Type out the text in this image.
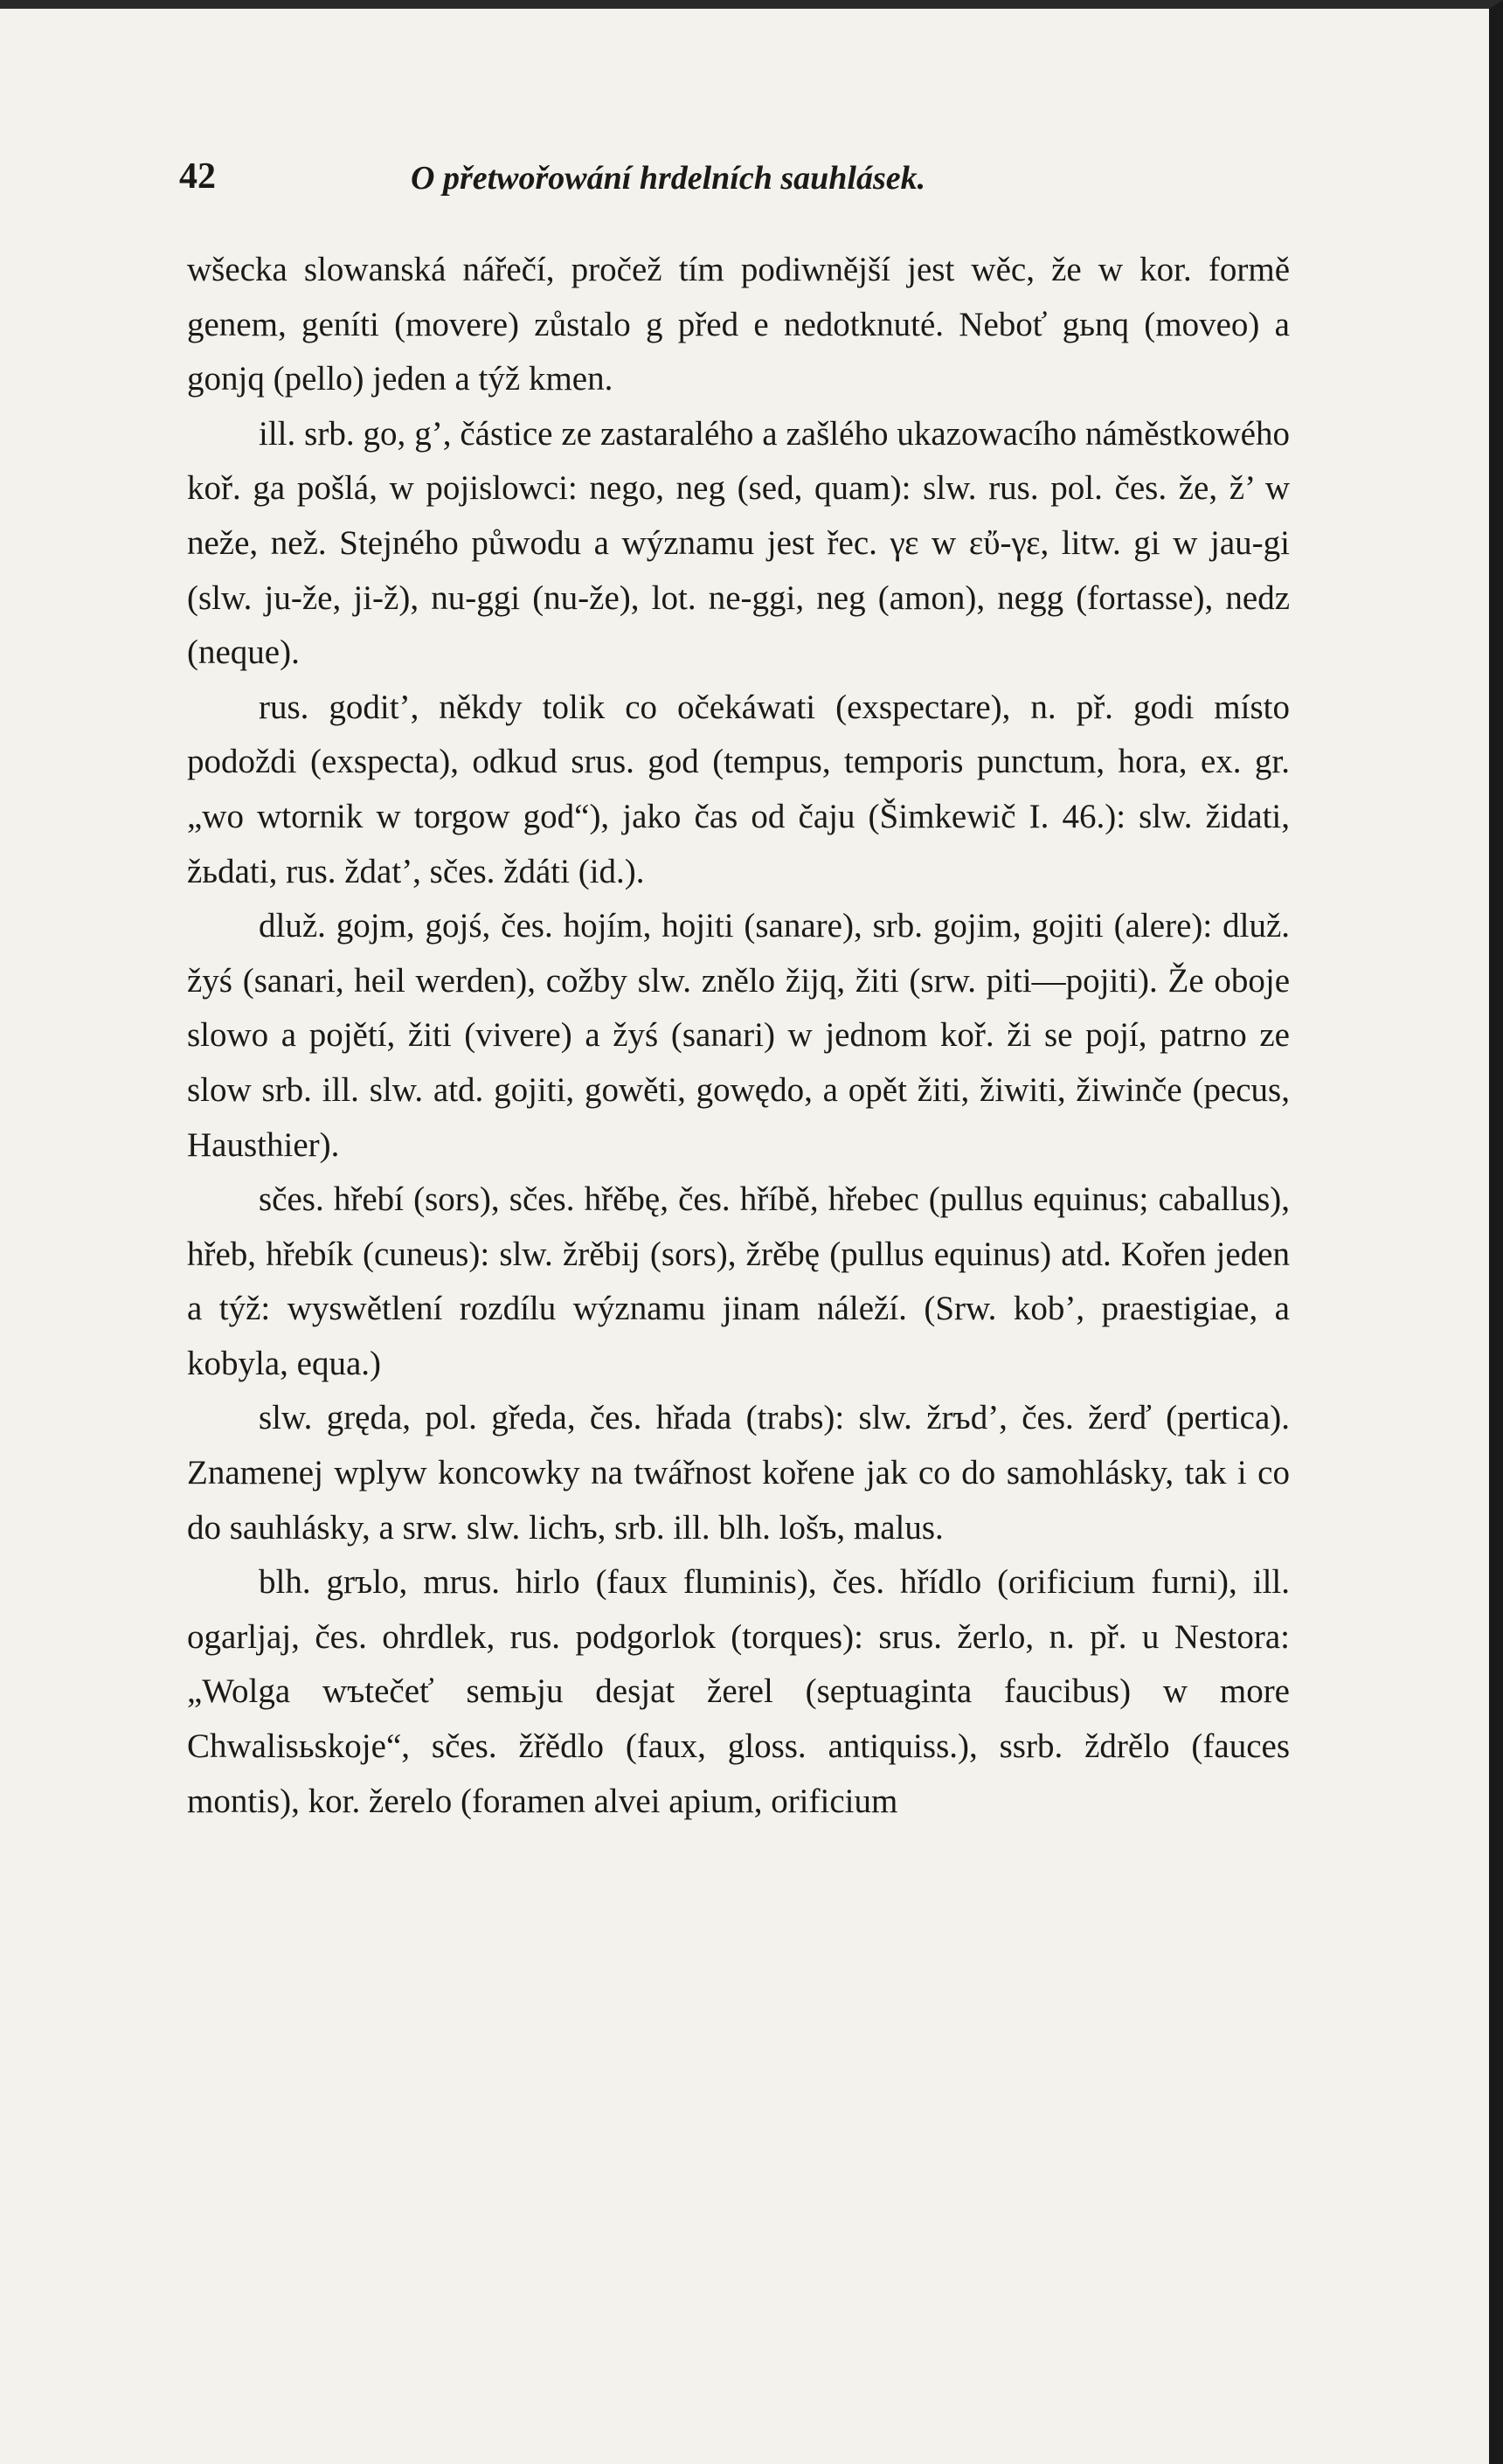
42	O přetwořowání hrdelních sauhlásek.

wšecka slowanská nářečí, pročež tím podiwnější jest wěc, že w kor. formě genem, geníti (movere) zůstalo g před e nedotknuté. Neboť gьnq (moveo) a gonjq (pello) jeden a týž kmen.

ill. srb. go, g’, částice ze zastaralého a zašlého ukazowacího náměstkowého koř. ga pošlá, w pojislowci: nego, neg (sed, quam): slw. rus. pol. čes. že, ž’ w nežе, než. Stejného půwodu a wýznamu jest řec. γε w εὔ-γε, litw. gi w jau-gi (slw. ju-že, ji-ž), nu-ggi (nu-že), lot. ne-ggi, neg (amon), negg (fortasse), nedz (neque).

rus. goditʼ, někdy tolik co očekáwati (exspectare), n. př. godi místo podoždi (exspecta), odkud srus. god (tempus, temporis punctum, hora, ex. gr. „wo wtornik w torgow god“), jako čas od čaju (Šimkewič I. 46.): slw. židati, žьdati, rus. ždatʼ, sčes. ždáti (id.).

dluž. gojm, gojś, čes. hojím, hojiti (sanare), srb. gojim, gojiti (alere): dluž. žyś (sanari, heil werden), cožby slw. znělo žijq, žiti (srw. piti—pojiti). Že oboje slowo a pojětí, žiti (vivere) a žyś (sanari) w jednom koř. ži se pojí, patrno ze slow srb. ill. slw. atd. gojiti, gowěti, gowędo, a opět žiti, žiwiti, žiwinče (pecus, Hausthier).

sčes. hřebí (sors), sčes. hřěbę, čes. hříbě, hřebec (pullus equinus; caballus), hřeb, hřebík (cuneus): slw. žrěbij (sors), žrěbę (pullus equinus) atd. Kořen jeden a týž: wyswětlení rozdílu wýznamu jinam náleží. (Srw. kobʼ, praestigiae, a kobyla, equa.)

slw. gręda, pol. gředa, čes. hřada (trabs): slw. žrъdʼ, čes. žerď (pertica). Znamenej wplyw koncowky na twářnost kořene jak co do samohlásky, tak i co do sauhlásky, a srw. slw. lichъ, srb. ill. blh. lošъ, malus.

blh. grъlo, mrus. hirlo (faux fluminis), čes. hřídlo (orificium furni), ill. ogarljaj, čes. ohrdlek, rus. podgorlok (torques): srus. žerlo, n. př. u Nestora: „Wolga wъtečeť semьju desjat žerel (septuaginta faucibus) w more Chwalisьskoje“, sčes. žřědlo (faux, gloss. antiquiss.), ssrb. ždrělo (fauces montis), kor. žerelo (foramen alvei apium, orificium
